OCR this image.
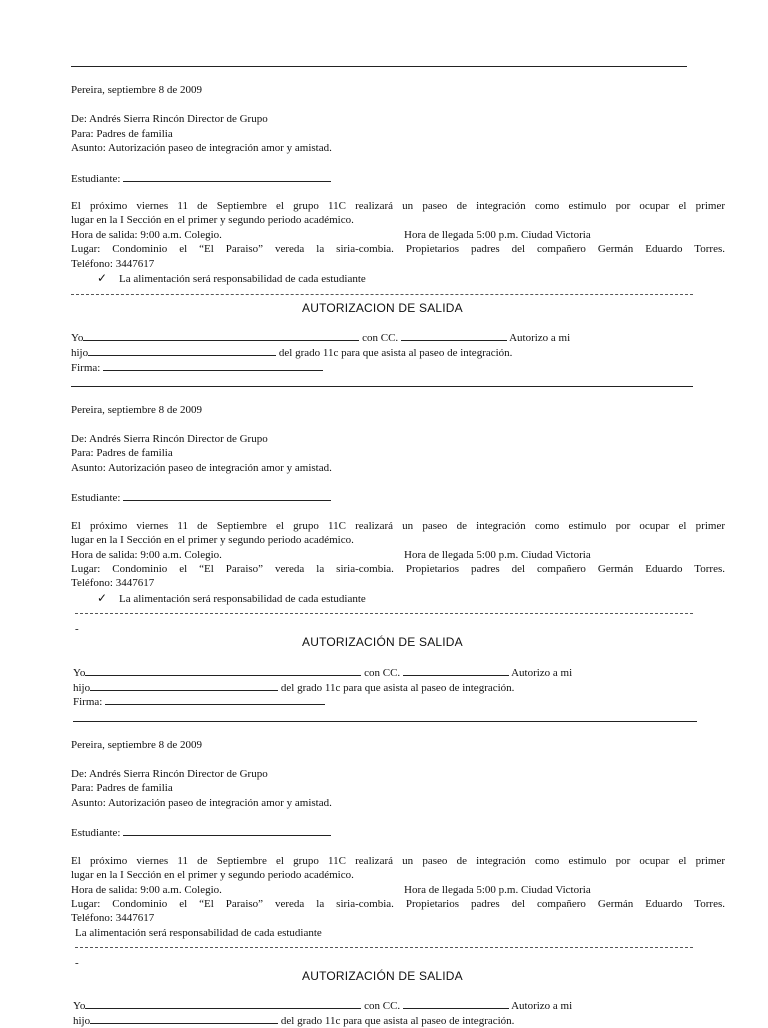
Pereira, septiembre 8 de 2009
De: Andrés Sierra Rincón Director de Grupo
Para: Padres de familia
Asunto: Autorización paseo de integración amor y amistad.
Estudiante:
El próximo viernes 11 de Septiembre el grupo 11C realizará un paseo de integración como estimulo por ocupar el primer
lugar en la I Sección en el primer y segundo periodo académico.
Hora de salida: 9:00 a.m. Colegio.	Hora de llegada 5:00 p.m. Ciudad Victoria
Lugar: Condominio el “El Paraiso” vereda la siria-combia. Propietarios padres del compañero Germán Eduardo Torres.
Teléfono: 3447617
✓ La alimentación será responsabilidad de cada estudiante
AUTORIZACION DE SALIDA
Yo	con CC.	Autorizo a mi
hijo	del grado 11c para que asista al paseo de integración.
Firma:
Pereira, septiembre 8 de 2009
De: Andrés Sierra Rincón Director de Grupo
Para: Padres de familia
Asunto: Autorización paseo de integración amor y amistad.
Estudiante:
El próximo viernes 11 de Septiembre el grupo 11C realizará un paseo de integración como estimulo por ocupar el primer
lugar en la I Sección en el primer y segundo periodo académico.
Hora de salida: 9:00 a.m. Colegio.	Hora de llegada 5:00 p.m. Ciudad Victoria
Lugar: Condominio el “El Paraiso” vereda la siria-combia. Propietarios padres del compañero Germán Eduardo Torres.
Teléfono: 3447617
✓ La alimentación será responsabilidad de cada estudiante
-
AUTORIZACIÓN DE SALIDA
Yo	con CC.	Autorizo a mi
hijo	del grado 11c para que asista al paseo de integración.
Firma:
Pereira, septiembre 8 de 2009
De: Andrés Sierra Rincón Director de Grupo
Para: Padres de familia
Asunto: Autorización paseo de integración amor y amistad.
Estudiante:
El próximo viernes 11 de Septiembre el grupo 11C realizará un paseo de integración como estimulo por ocupar el primer
lugar en la I Sección en el primer y segundo periodo académico.
Hora de salida: 9:00 a.m. Colegio.	Hora de llegada 5:00 p.m. Ciudad Victoria
Lugar: Condominio el “El Paraiso” vereda la siria-combia. Propietarios padres del compañero Germán Eduardo Torres.
Teléfono: 3447617
La alimentación será responsabilidad de cada estudiante
-
AUTORIZACIÓN DE SALIDA
Yo	con CC.	Autorizo a mi
hijo	del grado 11c para que asista al paseo de integración.
